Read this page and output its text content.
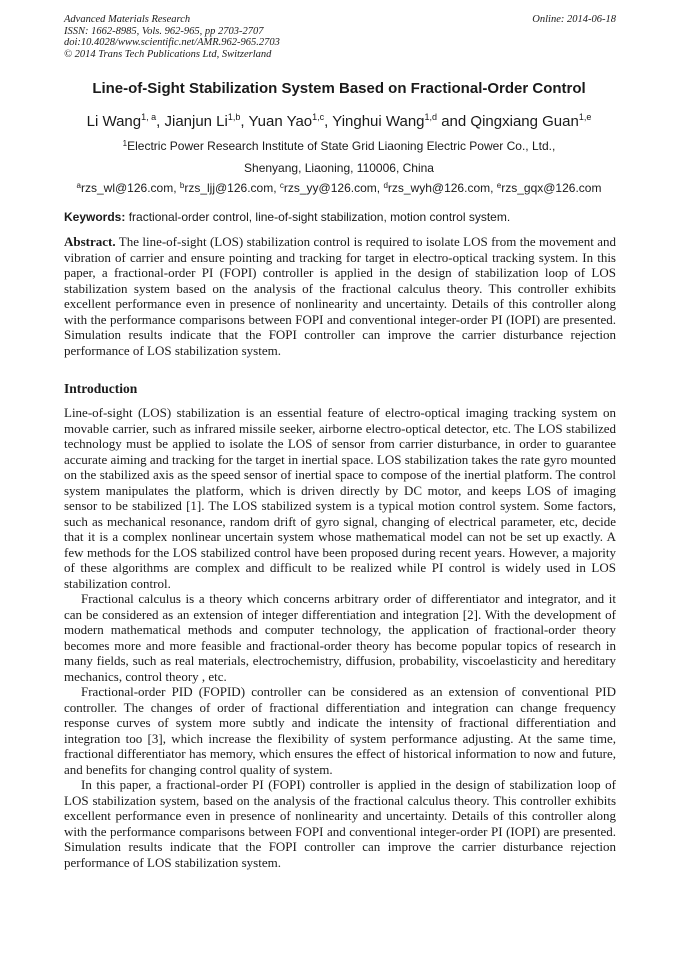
Advanced Materials Research
ISSN: 1662-8985, Vols. 962-965, pp 2703-2707
doi:10.4028/www.scientific.net/AMR.962-965.2703
© 2014 Trans Tech Publications Ltd, Switzerland
Online: 2014-06-18
Line-of-Sight Stabilization System Based on Fractional-Order Control
Li Wang$^{1, a}$, Jianjun Li$^{1,b}$, Yuan Yao$^{1,c}$, Yinghui Wang$^{1,d}$ and Qingxiang Guan$^{1,e}$
$^1$Electric Power Research Institute of State Grid Liaoning Electric Power Co., Ltd.,
Shenyang, Liaoning, 110006, China
$^a$rzs_wl@126.com, $^b$rzs_ljj@126.com, $^c$rzs_yy@126.com, $^d$rzs_wyh@126.com, $^e$rzs_gqx@126.com
Keywords: fractional-order control, line-of-sight stabilization, motion control system.

Abstract. The line-of-sight (LOS) stabilization control is required to isolate LOS from the movement and vibration of carrier and ensure pointing and tracking for target in electro-optical tracking system. In this paper, a fractional-order PI (FOPI) controller is applied in the design of stabilization loop of LOS stabilization system based on the analysis of the fractional calculus theory. This controller exhibits excellent performance even in presence of nonlinearity and uncertainty. Details of this controller along with the performance comparisons between FOPI and conventional integer-order PI (IOPI) are presented. Simulation results indicate that the FOPI controller can improve the carrier disturbance rejection performance of LOS stabilization system.

Introduction

Line-of-sight (LOS) stabilization is an essential feature of electro-optical imaging tracking system on movable carrier, such as infrared missile seeker, airborne electro-optical detector, etc. The LOS stabilized technology must be applied to isolate the LOS of sensor from carrier disturbance, in order to guarantee accurate aiming and tracking for the target in inertial space. LOS stabilization takes the rate gyro mounted on the stabilized axis as the speed sensor of inertial space to compose of the inertial platform. The control system manipulates the platform, which is driven directly by DC motor, and keeps LOS of imaging sensor to be stabilized [1]. The LOS stabilized system is a typical motion control system. Some factors, such as mechanical resonance, random drift of gyro signal, changing of electrical parameter, etc, decide that it is a complex nonlinear uncertain system whose mathematical model can not be set up exactly. A few methods for the LOS stabilized control have been proposed during recent years. However, a majority of these algorithms are complex and difficult to be realized while PI control is widely used in LOS stabilization control.

Fractional calculus is a theory which concerns arbitrary order of differentiator and integrator, and it can be considered as an extension of integer differentiation and integration [2]. With the development of modern mathematical methods and computer technology, the application of fractional-order theory becomes more and more feasible and fractional-order theory has become popular topics of research in many fields, such as real materials, electrochemistry, diffusion, probability, viscoelasticity and hereditary mechanics, control theory , etc.

Fractional-order PID (FOPID) controller can be considered as an extension of conventional PID controller. The changes of order of fractional differentiation and integration can change frequency response curves of system more subtly and indicate the intensity of fractional differentiation and integration too [3], which increase the flexibility of system performance adjusting. At the same time, fractional differentiator has memory, which ensures the effect of historical information to now and future, and benefits for changing control quality of system.

In this paper, a fractional-order PI (FOPI) controller is applied in the design of stabilization loop of LOS stabilization system, based on the analysis of the fractional calculus theory. This controller exhibits excellent performance even in presence of nonlinearity and uncertainty. Details of this controller along with the performance comparisons between FOPI and conventional integer-order PI (IOPI) are presented. Simulation results indicate that the FOPI controller can improve the carrier disturbance rejection performance of LOS stabilization system.
